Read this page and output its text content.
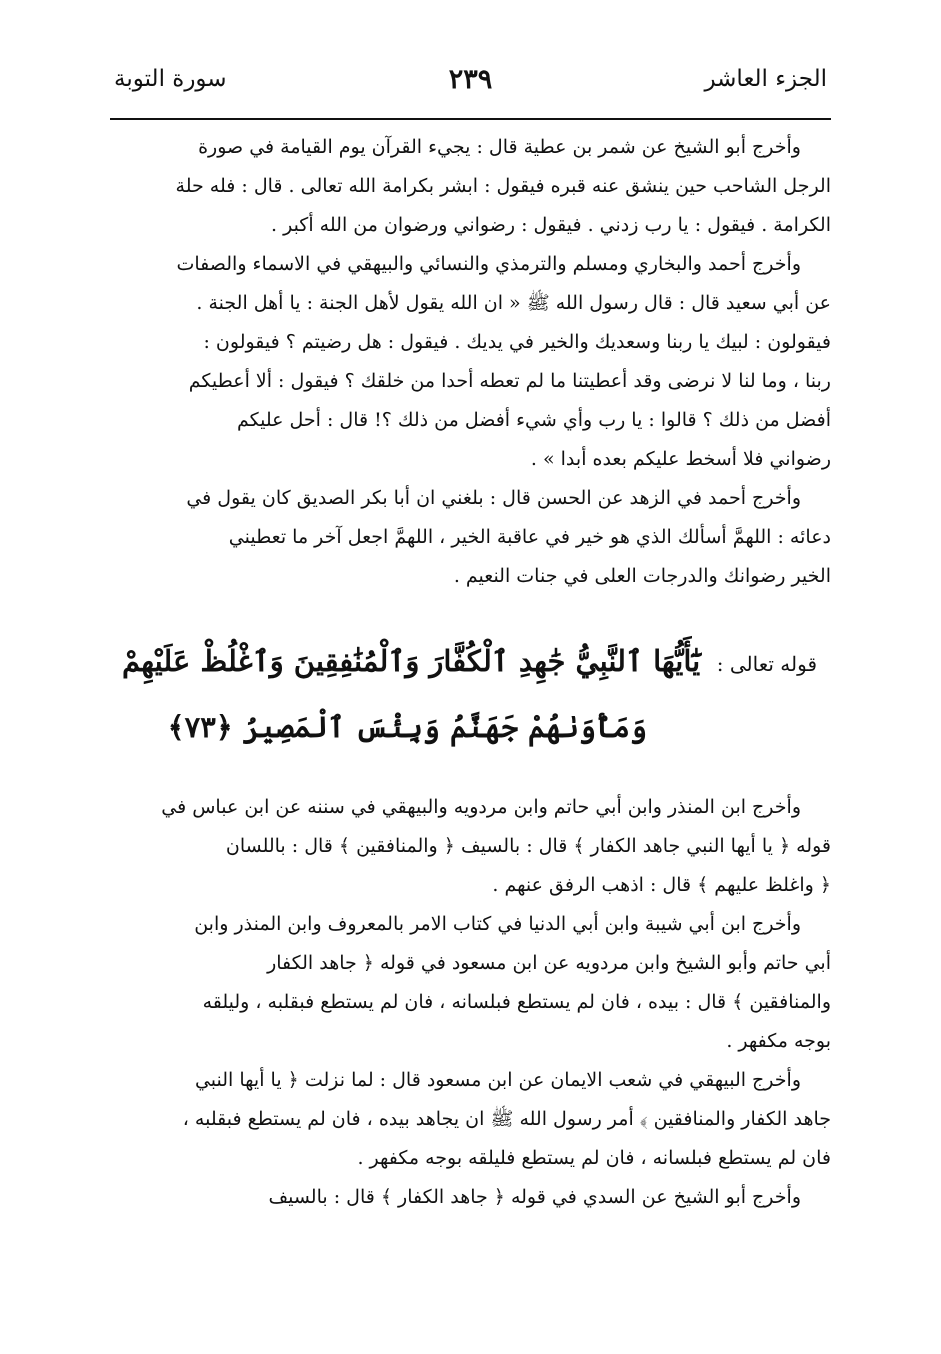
الجزء العاشر
٢٣٩
سورة التوبة
وأخرج أبو الشيخ عن شمر بن عطية قال : يجيء القرآن يوم القيامة في صورة
الرجل الشاحب حين ينشق عنه قبره فيقول : ابشر بكرامة الله تعالى . قال : فله حلة
الكرامة . فيقول : يا رب زدني . فيقول : رضواني ورضوان من الله أكبر .
وأخرج أحمد والبخاري ومسلم والترمذي والنسائي والبيهقي في الاسماء والصفات
عن أبي سعيد قال : قال رسول الله ﷺ « ان الله يقول لأهل الجنة : يا أهل الجنة .
فيقولون : لبيك يا ربنا وسعديك والخير في يديك . فيقول : هل رضيتم ؟ فيقولون :
ربنا ، وما لنا لا نرضى وقد أعطيتنا ما لم تعطه أحدا من خلقك ؟ فيقول : ألا أعطيكم
أفضل من ذلك ؟ قالوا : يا رب وأي شيء أفضل من ذلك ؟! قال : أحل عليكم
رضواني فلا أسخط عليكم بعده أبدا » .
وأخرج أحمد في الزهد عن الحسن قال : بلغني ان أبا بكر الصديق كان يقول في
دعائه : اللهمَّ أسألك الذي هو خير في عاقبة الخير ، اللهمَّ اجعل آخر ما تعطيني
الخير رضوانك والدرجات العلى في جنات النعيم .
قوله تعالى :
يَٰٓأَيُّهَا ٱلنَّبِيُّ جَٰهِدِ ٱلْكُفَّارَ وَٱلْمُنَٰفِقِينَ وَٱغْلُظْ عَلَيْهِمْ
وَمَأْوَىٰهُمْ جَهَنَّمُ وَبِئْسَ ٱلْمَصِيرُ ﴿٧٣﴾
وأخرج ابن المنذر وابن أبي حاتم وابن مردويه والبيهقي في سننه عن ابن عباس في
قوله ﴿ يا أيها النبي جاهد الكفار ﴾ قال : بالسيف ﴿ والمنافقين ﴾ قال : باللسان
﴿ واغلظ عليهم ﴾ قال : اذهب الرفق عنهم .
وأخرج ابن أبي شيبة وابن أبي الدنيا في كتاب الامر بالمعروف وابن المنذر وابن
أبي حاتم وأبو الشيخ وابن مردويه عن ابن مسعود في قوله ﴿ جاهد الكفار
والمنافقين ﴾ قال : بيده ، فان لم يستطع فبلسانه ، فان لم يستطع فبقلبه ، وليلقه
بوجه مكفهر .
وأخرج البيهقي في شعب الايمان عن ابن مسعود قال : لما نزلت ﴿ يا أيها النبي
جاهد الكفار والمنافقين ﴾ أمر رسول الله ﷺ ان يجاهد بيده ، فان لم يستطع فبقلبه ،
فان لم يستطع فبلسانه ، فان لم يستطع فليلقه بوجه مكفهر .
وأخرج أبو الشيخ عن السدي في قوله ﴿ جاهد الكفار ﴾ قال : بالسيف
